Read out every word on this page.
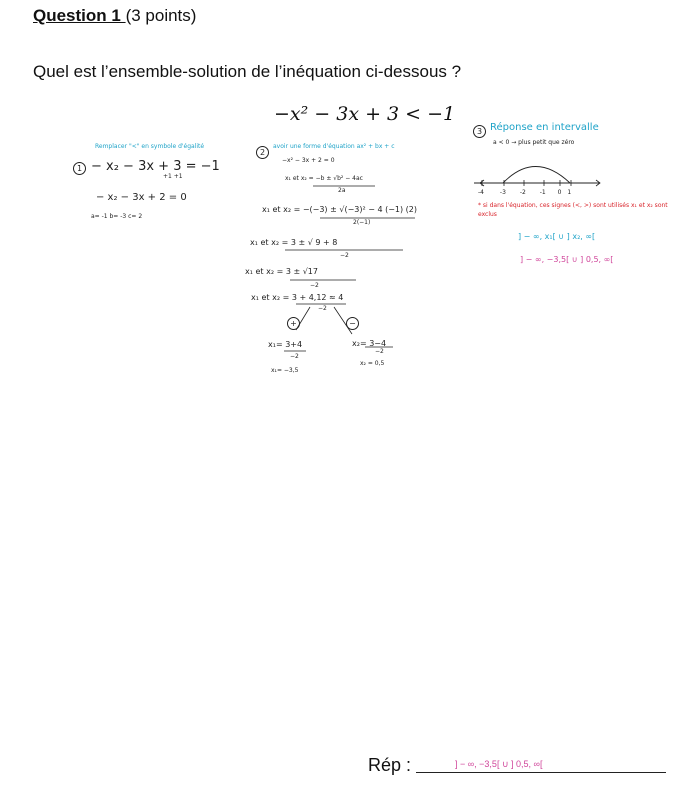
Question 1 (3 points)
Quel est l’ensemble-solution de l’inéquation ci-dessous ?
−x² − 3x + 3 < −1
Remplacer "<" en symbole d'égalité
1 − x₂ − 3x + 3 = −1
+1 +1
− x₂ − 3x + 2 = 0
a= -1 b= -3 c= 2
2
avoir une forme d'équation ax² + bx + c
−x² − 3x + 2 = 0
x₁ et x₂ = −b ± √b² − 4ac
2a
x₁ et x₂ = −(−3) ± √(−3)² − 4 (−1) (2)
2(−1)
x₁ et x₂ = 3 ± √ 9 + 8
−2
x₁ et x₂ = 3 ± √17
−2
x₁ et x₂ = 3 + 4,12 ≈ 4
−2
+	−
x₁= 3+4
−2
x₁= −3,5
x₂= 3−4
−2
x₂ = 0,5
3 Réponse en intervalle
a < 0 → plus petit que zéro
-4	-3 -2 -1 0 1
* si dans l'équation, ces signes (<, >) sont utilisés x₁ et x₂ sont exclus
] − ∞, x₁[ ∪ ] x₂, ∞[
] − ∞, −3,5[ ∪ ] 0,5, ∞[
Rép :	] − ∞, −3,5[ ∪ ] 0,5, ∞[
